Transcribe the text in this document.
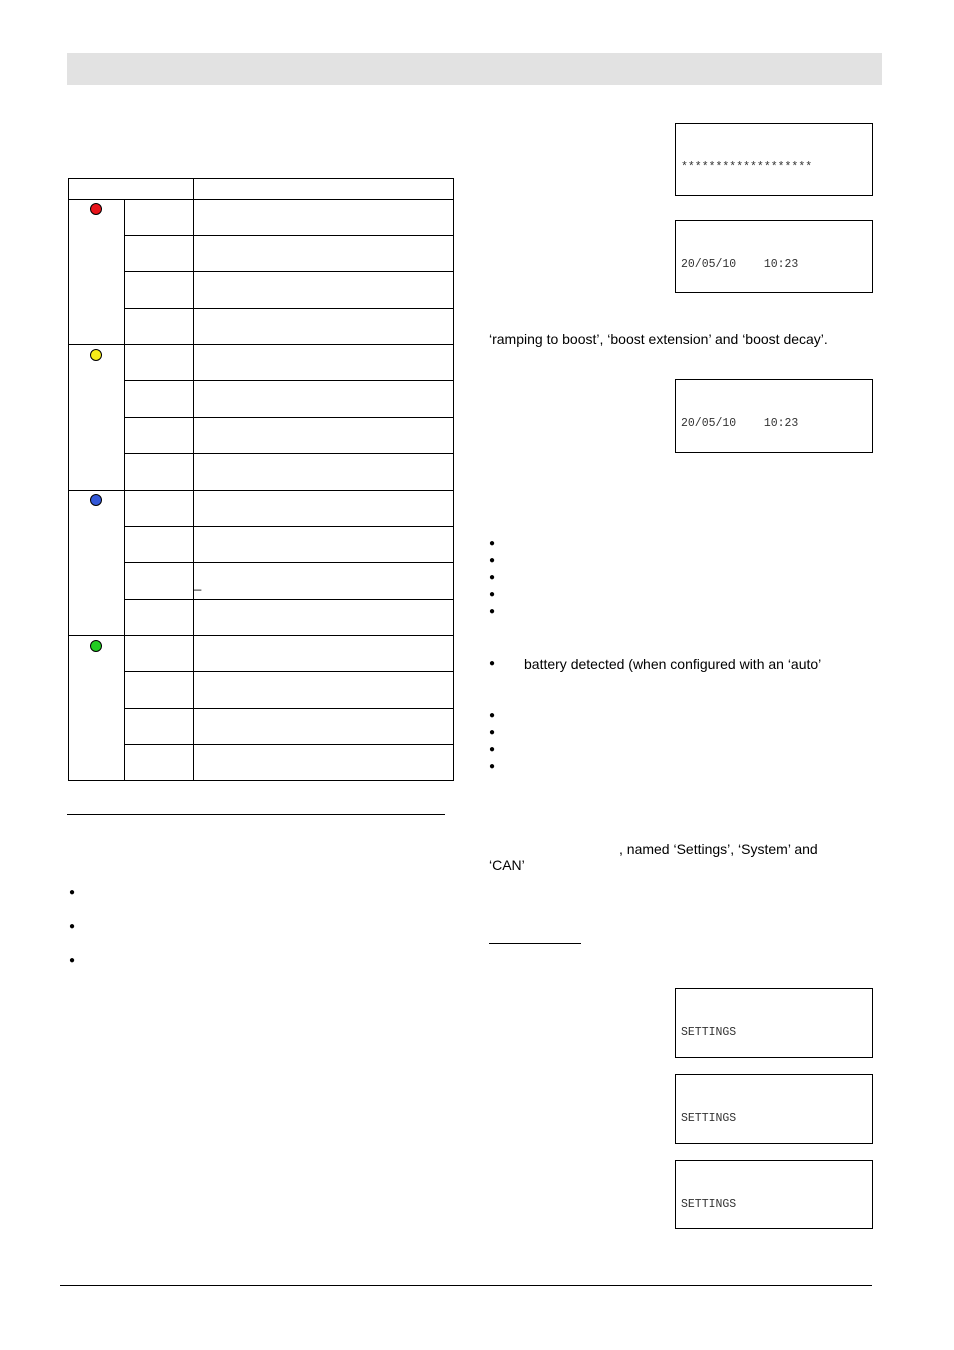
_
●
●
●
‘ramping to boost’, ‘boost extension’ and ‘boost decay’.
●
●
●
●
●
● battery detected (when configured with an ‘auto’
●
●
●
●
, named ‘Settings’, ‘System’ and
‘CAN’

*******************

20/05/10    10:23

20/05/10    10:23

SETTINGS

SETTINGS

SETTINGS
